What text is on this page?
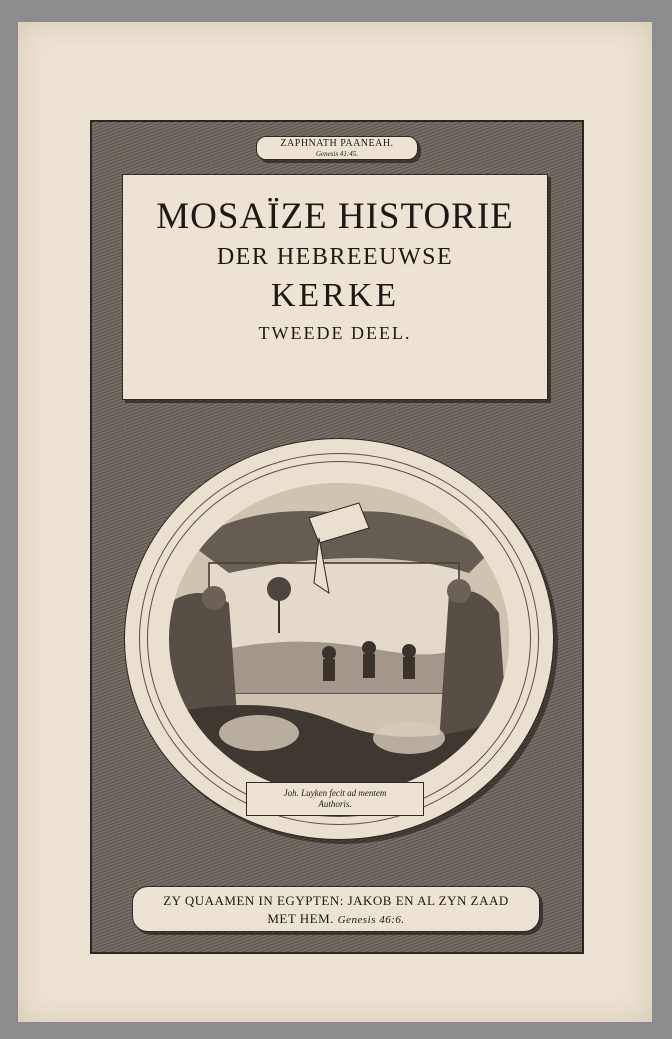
ZAPHNATH PAANEAH.
Genesis 41:45.
MOSAÏZE HISTORIE
DER HEBREEUWSE
KERKE
TWEEDE DEEL.
Joh. Luyken fecit ad mentem
Authoris.
ZY QUAAMEN IN EGYPTEN: JAKOB EN AL ZYN ZAAD
MET HEM. Genesis 46:6.
